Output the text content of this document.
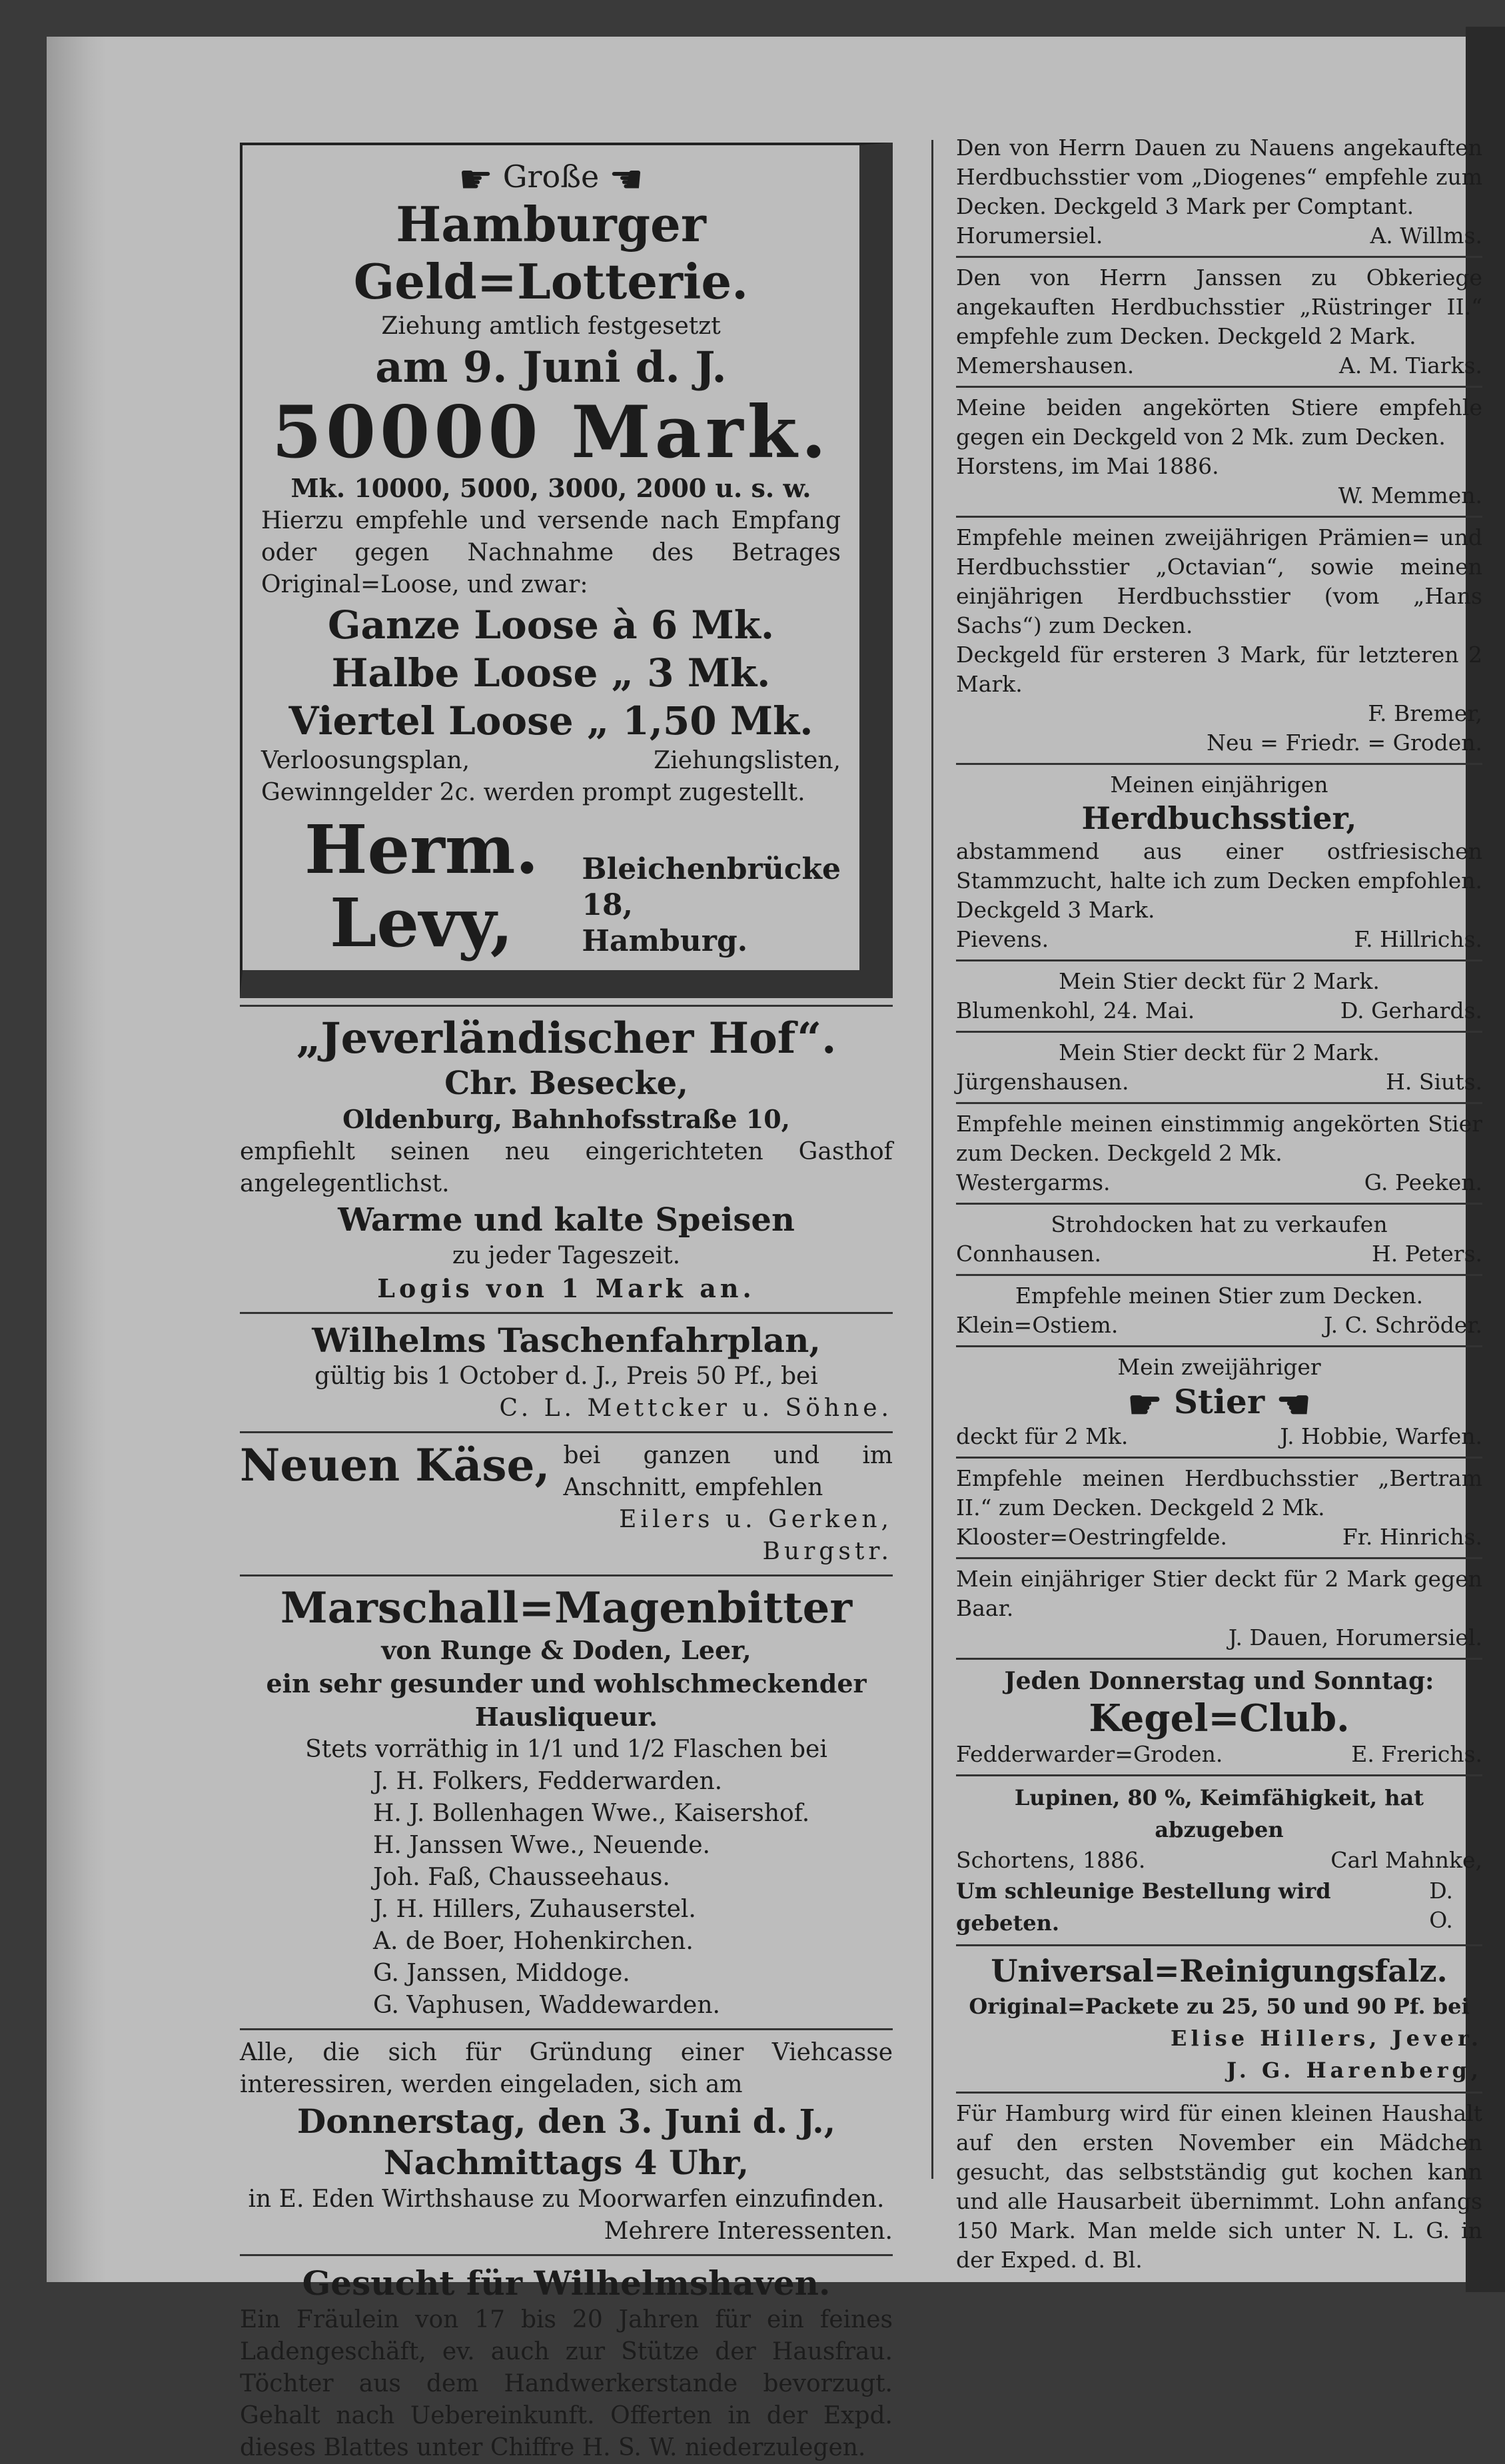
☛ Große ☚

Hamburger Geld=Lotterie.

Ziehung amtlich festgesetzt

am 9. Juni d. J.

50000 Mark.

Mk. 10000, 5000, 3000, 2000 u. s. w.

Hierzu empfehle und versende nach Empfang oder gegen Nachnahme des Betrages Original=Loose, und zwar:

Ganze Loose à 6 Mk.

Halbe Loose „ 3 Mk.

Viertel Loose „ 1,50 Mk.

Verloosungsplan, Ziehungslisten, Gewinngelder 2c. werden prompt zugestellt.

Herm. Levy,
Bleichenbrücke 18,
Hamburg.

„Jeverländischer Hof“.

Chr. Besecke,

Oldenburg, Bahnhofsstraße 10,

empfiehlt seinen neu eingerichteten Gasthof angelegentlichst.

Warme und kalte Speisen

zu jeder Tageszeit.

Logis von 1 Mark an.

Wilhelms Taschenfahrplan,

gültig bis 1 October d. J., Preis 50 Pf., bei

C. L. Mettcker u. Söhne.

Neuen Käse, bei ganzen und im Anschnitt, empfehlen
Eilers u. Gerken, Burgstr.

Marschall=Magenbitter

von Runge & Doden, Leer,

ein sehr gesunder und wohlschmeckender Hausliqueur.

Stets vorräthig in 1/1 und 1/2 Flaschen bei

J. H. Folkers, Fedderwarden.

H. J. Bollenhagen Wwe., Kaisershof.

H. Janssen Wwe., Neuende.

Joh. Faß, Chausseehaus.

J. H. Hillers, Zuhauserstel.

A. de Boer, Hohenkirchen.

G. Janssen, Middoge.

G. Vaphusen, Waddewarden.

Alle, die sich für Gründung einer Viehcasse interessiren, werden eingeladen, sich am

Donnerstag, den 3. Juni d. J.,

Nachmittags 4 Uhr,

in E. Eden Wirthshause zu Moorwarfen einzufinden.

Mehrere Interessenten.

Gesucht für Wilhelmshaven.

Ein Fräulein von 17 bis 20 Jahren für ein feines Ladengeschäft, ev. auch zur Stütze der Hausfrau. Töchter aus dem Handwerkerstande bevorzugt. Gehalt nach Uebereinkunft. Offerten in der Expd. dieses Blattes unter Chiffre H. S. W. niederzulegen.

Den von Herrn Dauen zu Nauens angekauften Herdbuchsstier vom „Diogenes“ empfehle zum Decken. Deckgeld 3 Mark per Comptant.

Horumersiel.	A. Willms.

Den von Herrn Janssen zu Obkeriege angekauften Herdbuchsstier „Rüstringer II.“ empfehle zum Decken. Deckgeld 2 Mark.

Memershausen.	A. M. Tiarks.

Meine beiden angekörten Stiere empfehle gegen ein Deckgeld von 2 Mk. zum Decken.

Horstens, im Mai 1886.

W. Memmen.

Empfehle meinen zweijährigen Prämien= und Herdbuchsstier „Octavian“, sowie meinen einjährigen Herdbuchsstier (vom „Hans Sachs“) zum Decken.

Deckgeld für ersteren 3 Mark, für letzteren 2 Mark.

F. Bremer,

Neu = Friedr. = Groden.

Meinen einjährigen

Herdbuchsstier,

abstammend aus einer ostfriesischen Stammzucht, halte ich zum Decken empfohlen. Deckgeld 3 Mark.

Pievens.	F. Hillrichs.

Mein Stier deckt für 2 Mark.

Blumenkohl, 24. Mai.	D. Gerhards.

Mein Stier deckt für 2 Mark.

Jürgenshausen.	H. Siuts.

Empfehle meinen einstimmig angekörten Stier zum Decken. Deckgeld 2 Mk.

Westergarms.	G. Peeken.

Strohdocken hat zu verkaufen

Connhausen.	H. Peters.

Empfehle meinen Stier zum Decken.

Klein=Ostiem.	J. C. Schröder.

Mein zweijähriger

☛ Stier ☚

deckt für 2 Mk.	J. Hobbie, Warfen.

Empfehle meinen Herdbuchsstier „Bertram II.“ zum Decken. Deckgeld 2 Mk.

Klooster=Oestringfelde.	Fr. Hinrichs.

Mein einjähriger Stier deckt für 2 Mark gegen Baar.

J. Dauen, Horumersiel.

Jeden Donnerstag und Sonntag:

Kegel=Club.

Fedderwarder=Groden.	E. Frerichs.

Lupinen, 80 %, Keimfähigkeit, hat abzugeben

Schortens, 1886.	Carl Mahnke,
Um schleunige Bestellung wird gebeten.
D. O.

Universal=Reinigungsfalz.

Original=Packete zu 25, 50 und 90 Pf. bei

Elise Hillers, Jever.

J. G. Harenberg,

Für Hamburg wird für einen kleinen Haushalt auf den ersten November ein Mädchen gesucht, das selbstständig gut kochen kann und alle Hausarbeit übernimmt. Lohn anfangs 150 Mark. Man melde sich unter N. L. G. in der Exped. d. Bl.
